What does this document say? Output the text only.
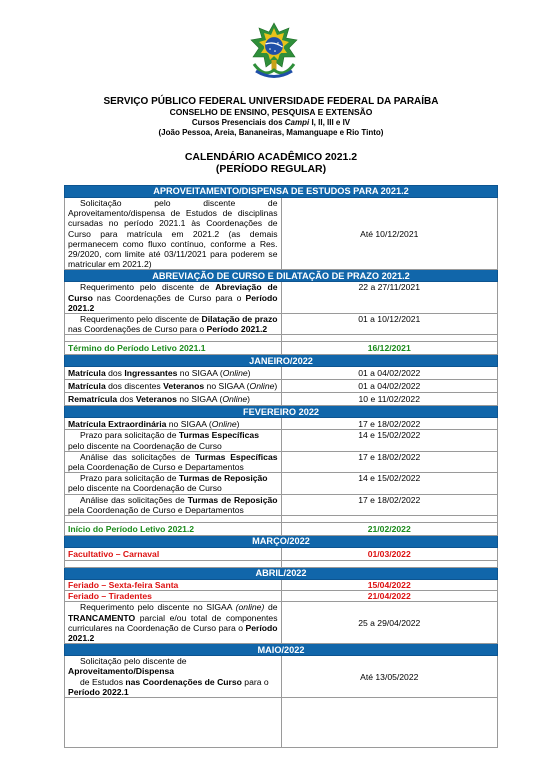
SERVIÇO PÚBLICO FEDERAL UNIVERSIDADE FEDERAL DA PARAÍBA
CONSELHO DE ENSINO, PESQUISA E EXTENSÃO
Cursos Presenciais dos Campi I, II, III e IV
(João Pessoa, Areia, Bananeiras, Mamanguape e Rio Tinto)
CALENDÁRIO ACADÊMICO 2021.2
(PERÍODO REGULAR)
APROVEITAMENTO/DISPENSA DE ESTUDOS PARA 2021.2	
Solicitação pelo discente de Aproveitamento/dispensa de Estudos de disciplinas cursadas no período 2021.1 às Coordenações de Curso para matrícula em 2021.2 (as demais permanecem como fluxo contínuo, conforme a Res. 29/2020, com limite até 03/11/2021 para poderem se matricular em 2021.2)	Até 10/12/2021
ABREVIAÇÃO DE CURSO E DILATAÇÃO DE PRAZO 2021.2	
Requerimento pelo discente de Abreviação de Curso nas Coordenações de Curso para o Período 2021.2	22 a 27/11/2021
Requerimento pelo discente de Dilatação de prazo nas Coordenações de Curso para o Período 2021.2	01 a 10/12/2021

Término do Período Letivo 2021.1	16/12/2021
JANEIRO/2022	
Matrícula dos Ingressantes no SIGAA (Online)	01 a 04/02/2022
Matrícula dos discentes Veteranos no SIGAA (Online)	01 a 04/02/2022
Rematrícula dos Veteranos no SIGAA (Online)	10 e 11/02/2022
FEVEREIRO 2022	
Matrícula Extraordinária no SIGAA (Online)	17 e 18/02/2022
Prazo para solicitação de Turmas Específicas pelo discente na Coordenação de Curso	14 e 15/02/2022
Análise das solicitações de Turmas Específicas pela Coordenação de Curso e Departamentos	17 e 18/02/2022
Prazo para solicitação de Turmas de Reposição pelo discente na Coordenação de Curso	14 e 15/02/2022
Análise das solicitações de Turmas de Reposição pela Coordenação de Curso e Departamentos	17 e 18/02/2022

Início do Período Letivo 2021.2	21/02/2022
MARÇO/2022	
Facultativo – Carnaval	01/03/2022

ABRIL/2022	
Feriado – Sexta-feira Santa	15/04/2022
Feriado – Tiradentes	21/04/2022
Requerimento pelo discente no SIGAA (online) de TRANCAMENTO parcial e/ou total de componentes curriculares na Coordenação de Curso para o Período 2021.2	25 a 29/04/2022
MAIO/2022	
Solicitação pelo discente de Aproveitamento/Dispensa
de Estudos nas Coordenações de Curso para o Período 2022.1	Até 13/05/2022
